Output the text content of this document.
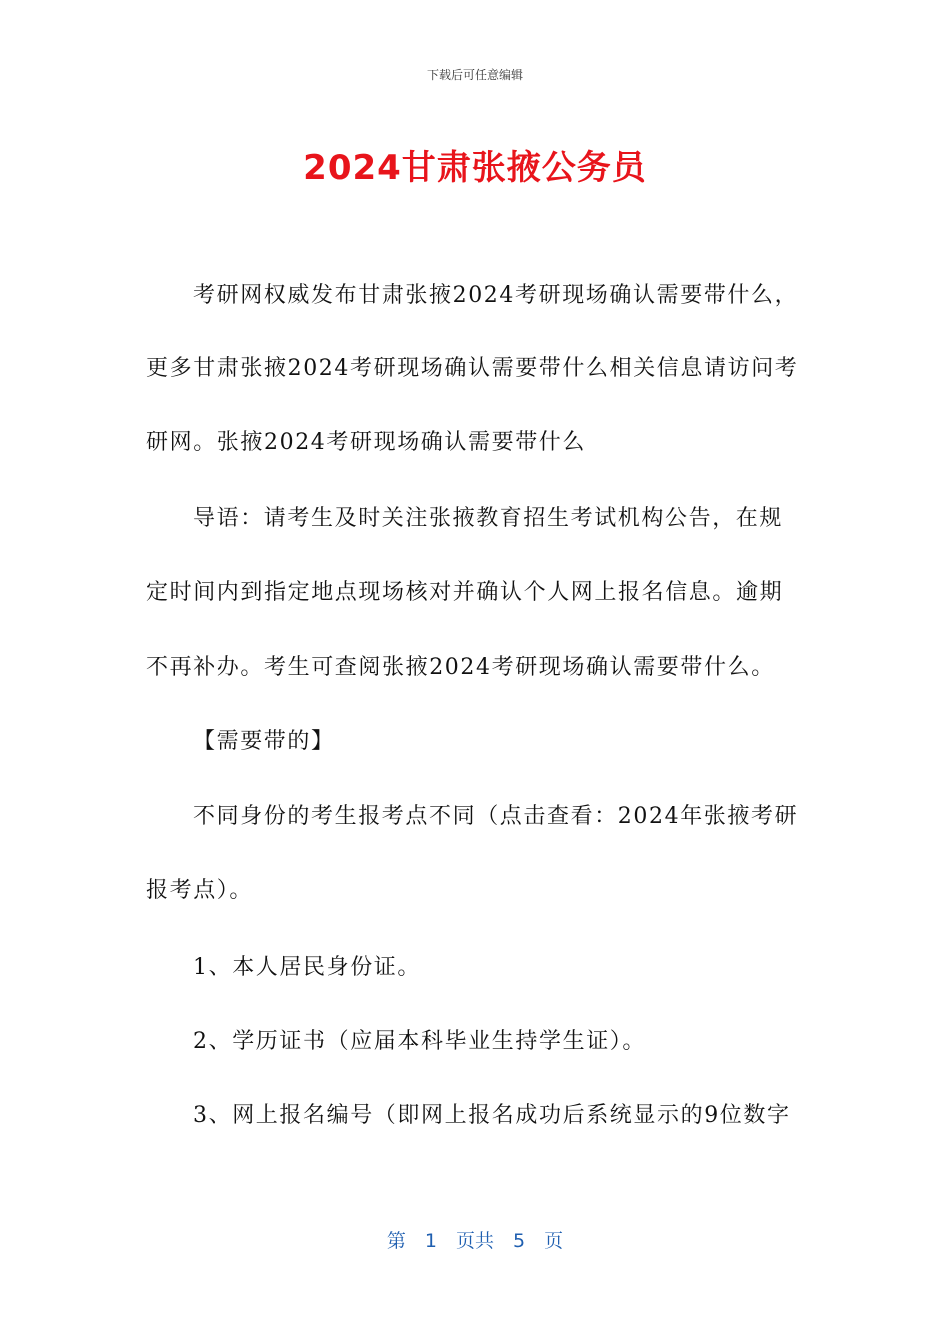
下载后可任意编辑
2024甘肃张掖公务员
考研网权威发布甘肃张掖2024考研现场确认需要带什么，
更多甘肃张掖2024考研现场确认需要带什么相关信息请访问考
研网。张掖2024考研现场确认需要带什么
导语：请考生及时关注张掖教育招生考试机构公告，在规
定时间内到指定地点现场核对并确认个人网上报名信息。逾期
不再补办。考生可查阅张掖2024考研现场确认需要带什么。
【需要带的】
不同身份的考生报考点不同（点击查看：2024年张掖考研
报考点）。
1、本人居民身份证。
2、学历证书（应届本科毕业生持学生证）。
3、网上报名编号（即网上报名成功后系统显示的9位数字
第　1　页共　5　页
